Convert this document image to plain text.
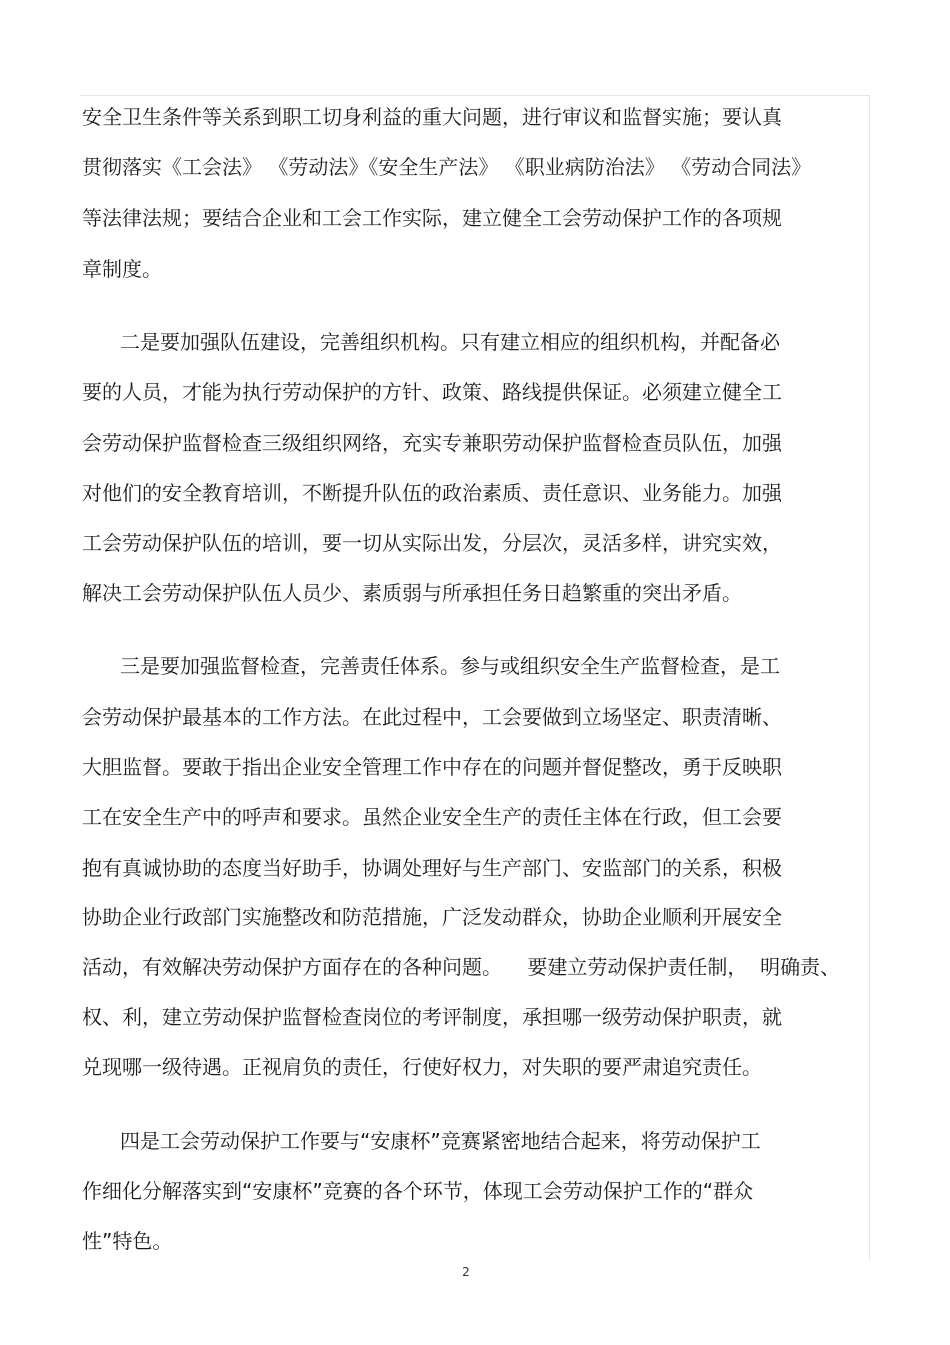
安全卫生条件等关系到职工切身利益的重大问题，进行审议和监督实施；要认真
贯彻落实《工会法》 《劳动法》《安全生产法》 《职业病防治法》 《劳动合同法》
等法律法规；要结合企业和工会工作实际，建立健全工会劳动保护工作的各项规
章制度。
二是要加强队伍建设，完善组织机构。只有建立相应的组织机构，并配备必
要的人员，才能为执行劳动保护的方针、政策、路线提供保证。必须建立健全工
会劳动保护监督检查三级组织网络，充实专兼职劳动保护监督检查员队伍，加强
对他们的安全教育培训，不断提升队伍的政治素质、责任意识、业务能力。加强
工会劳动保护队伍的培训，要一切从实际出发，分层次，灵活多样，讲究实效，
解决工会劳动保护队伍人员少、素质弱与所承担任务日趋繁重的突出矛盾。
三是要加强监督检查，完善责任体系。参与或组织安全生产监督检查，是工
会劳动保护最基本的工作方法。在此过程中，工会要做到立场坚定、职责清晰、
大胆监督。要敢于指出企业安全管理工作中存在的问题并督促整改，勇于反映职
工在安全生产中的呼声和要求。虽然企业安全生产的责任主体在行政，但工会要
抱有真诚协助的态度当好助手，协调处理好与生产部门、安监部门的关系，积极
协助企业行政部门实施整改和防范措施，广泛发动群众，协助企业顺利开展安全
活动，有效解决劳动保护方面存在的各种问题。    要建立劳动保护责任制，  明确责、
权、利，建立劳动保护监督检查岗位的考评制度，承担哪一级劳动保护职责，就
兑现哪一级待遇。正视肩负的责任，行使好权力，对失职的要严肃追究责任。
四是工会劳动保护工作要与“安康杯”竞赛紧密地结合起来，将劳动保护工
作细化分解落实到“安康杯”竞赛的各个环节，体现工会劳动保护工作的“群众
性”特色。
2
